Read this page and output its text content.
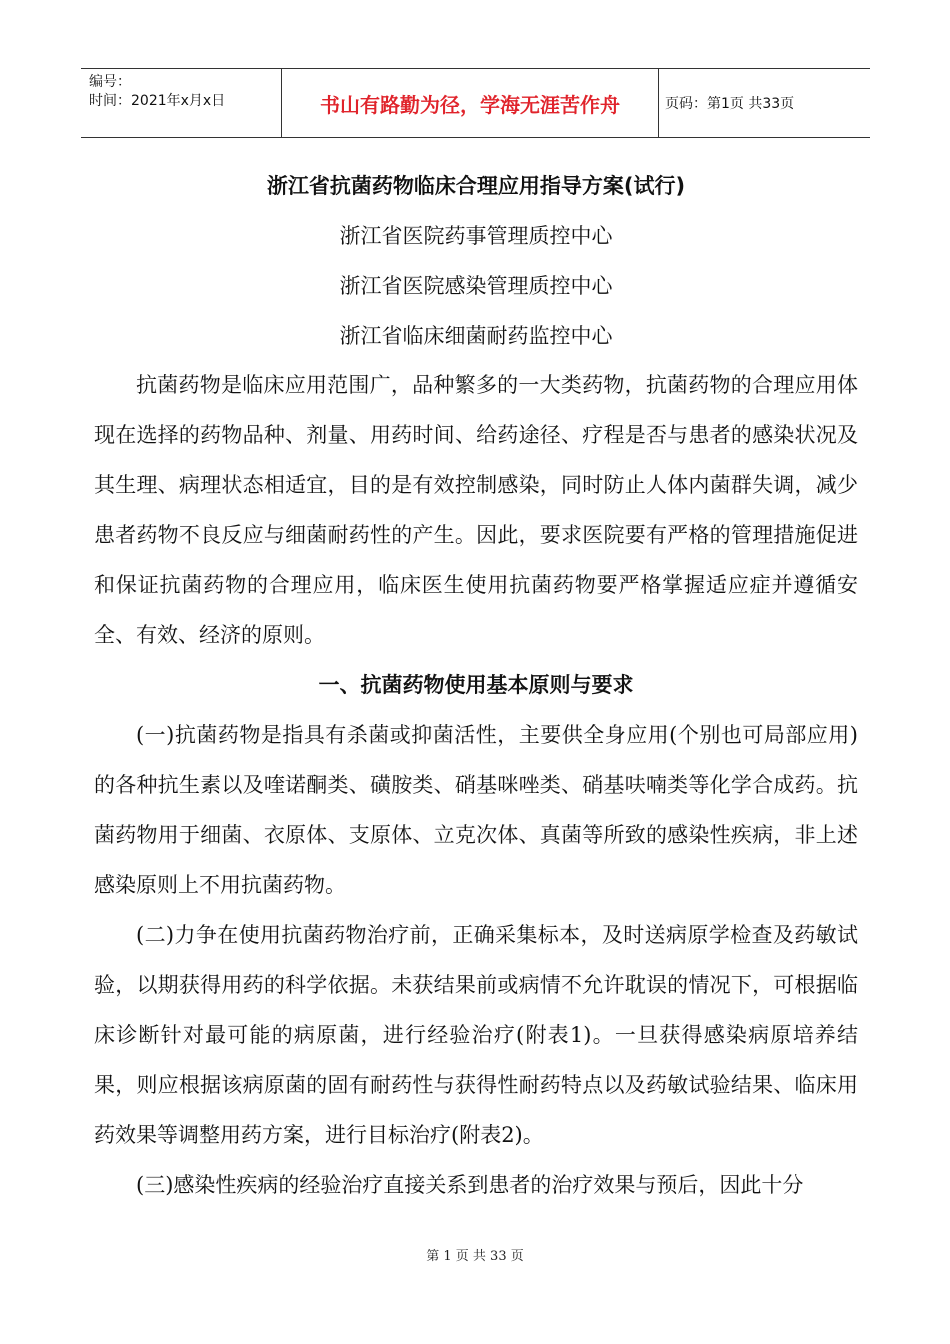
编号：
时间：2021年x月x日	书山有路勤为径，学海无涯苦作舟	页码：第1页 共33页
浙江省抗菌药物临床合理应用指导方案(试行)
浙江省医院药事管理质控中心
浙江省医院感染管理质控中心
浙江省临床细菌耐药监控中心

抗菌药物是临床应用范围广，品种繁多的一大类药物，抗菌药物的合理应用体现在选择的药物品种、剂量、用药时间、给药途径、疗程是否与患者的感染状况及其生理、病理状态相适宜，目的是有效控制感染，同时防止人体内菌群失调，减少患者药物不良反应与细菌耐药性的产生。因此，要求医院要有严格的管理措施促进和保证抗菌药物的合理应用，临床医生使用抗菌药物要严格掌握适应症并遵循安全、有效、经济的原则。

一、抗菌药物使用基本原则与要求

(一)抗菌药物是指具有杀菌或抑菌活性，主要供全身应用(个别也可局部应用)的各种抗生素以及喹诺酮类、磺胺类、硝基咪唑类、硝基呋喃类等化学合成药。抗菌药物用于细菌、衣原体、支原体、立克次体、真菌等所致的感染性疾病，非上述感染原则上不用抗菌药物。

(二)力争在使用抗菌药物治疗前，正确采集标本，及时送病原学检查及药敏试验，以期获得用药的科学依据。未获结果前或病情不允许耽误的情况下，可根据临床诊断针对最可能的病原菌，进行经验治疗(附表1)。一旦获得感染病原培养结果，则应根据该病原菌的固有耐药性与获得性耐药特点以及药敏试验结果、临床用药效果等调整用药方案，进行目标治疗(附表2)。

(三)感染性疾病的经验治疗直接关系到患者的治疗效果与预后，因此十分

第 1 页 共 33 页
